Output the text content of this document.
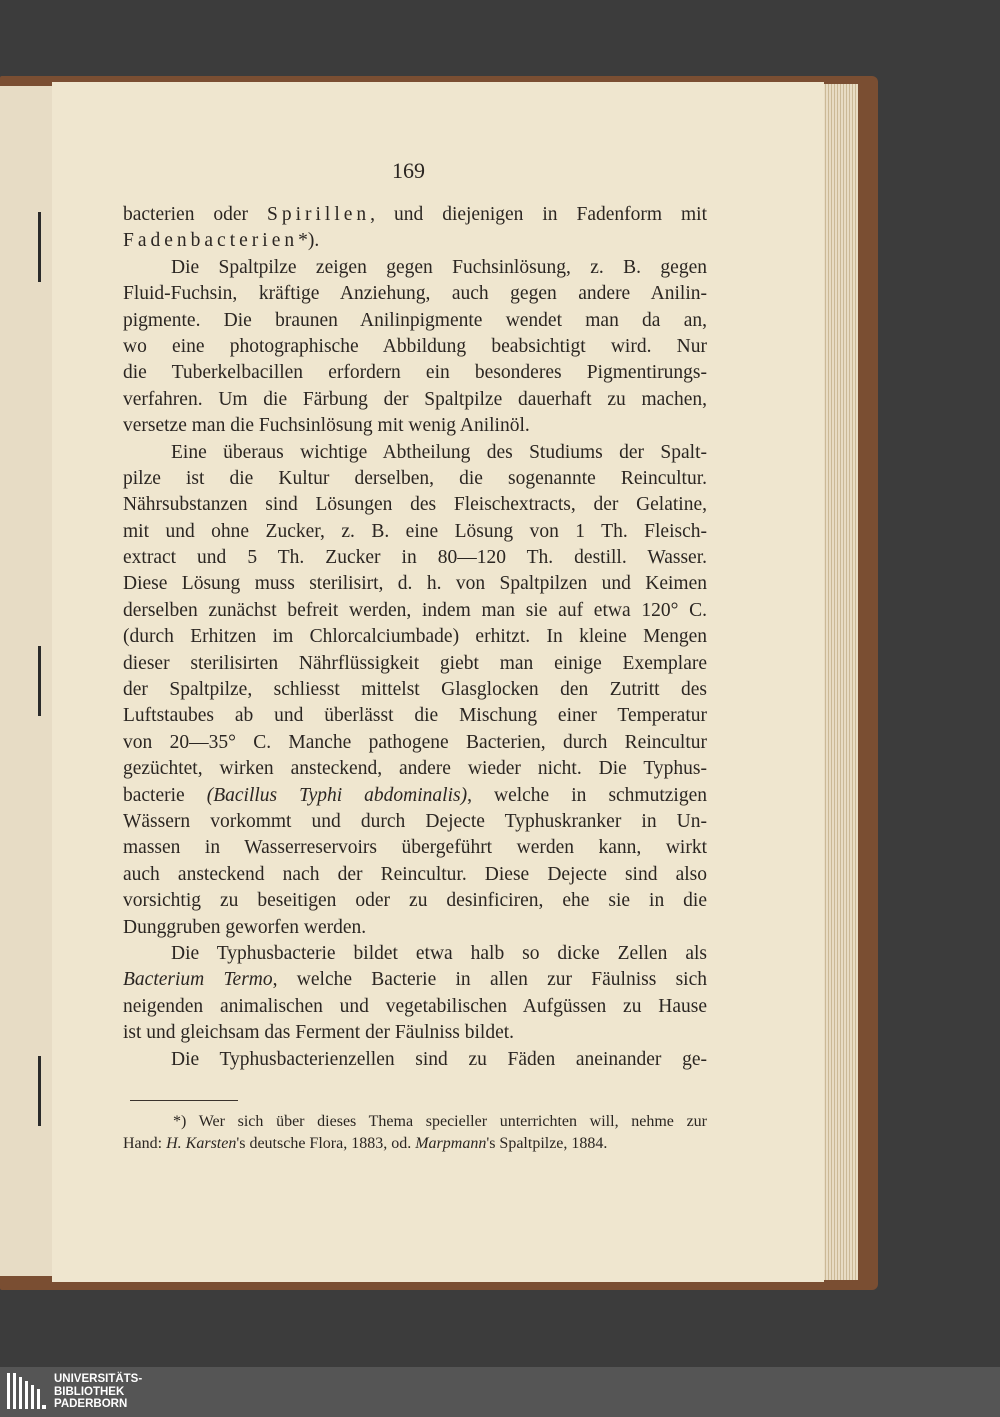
169
bacterien oder Spirillen, und diejenigen in Fadenform mit
Fadenbacterien*).
Die Spaltpilze zeigen gegen Fuchsinlösung, z. B. gegen
Fluid-Fuchsin, kräftige Anziehung, auch gegen andere Anilin-
pigmente. Die braunen Anilinpigmente wendet man da an,
wo eine photographische Abbildung beabsichtigt wird. Nur
die Tuberkelbacillen erfordern ein besonderes Pigmentirungs-
verfahren. Um die Färbung der Spaltpilze dauerhaft zu machen,
versetze man die Fuchsinlösung mit wenig Anilinöl.
Eine überaus wichtige Abtheilung des Studiums der Spalt-
pilze ist die Kultur derselben, die sogenannte Reincultur.
Nährsubstanzen sind Lösungen des Fleischextracts, der Gelatine,
mit und ohne Zucker, z. B. eine Lösung von 1 Th. Fleisch-
extract und 5 Th. Zucker in 80—120 Th. destill. Wasser.
Diese Lösung muss sterilisirt, d. h. von Spaltpilzen und Keimen
derselben zunächst befreit werden, indem man sie auf etwa 120° C.
(durch Erhitzen im Chlorcalciumbade) erhitzt. In kleine Mengen
dieser sterilisirten Nährflüssigkeit giebt man einige Exemplare
der Spaltpilze, schliesst mittelst Glasglocken den Zutritt des
Luftstaubes ab und überlässt die Mischung einer Temperatur
von 20—35° C. Manche pathogene Bacterien, durch Reincultur
gezüchtet, wirken ansteckend, andere wieder nicht. Die Typhus-
bacterie (Bacillus Typhi abdominalis), welche in schmutzigen
Wässern vorkommt und durch Dejecte Typhuskranker in Un-
massen in Wasserreservoirs übergeführt werden kann, wirkt
auch ansteckend nach der Reincultur. Diese Dejecte sind also
vorsichtig zu beseitigen oder zu desinficiren, ehe sie in die
Dunggruben geworfen werden.
Die Typhusbacterie bildet etwa halb so dicke Zellen als
Bacterium Termo, welche Bacterie in allen zur Fäulniss sich
neigenden animalischen und vegetabilischen Aufgüssen zu Hause
ist und gleichsam das Ferment der Fäulniss bildet.
Die Typhusbacterienzellen sind zu Fäden aneinander ge-
*) Wer sich über dieses Thema specieller unterrichten will, nehme zur
Hand: H. Karsten's deutsche Flora, 1883, od. Marpmann's Spaltpilze, 1884.
UNIVERSITÄTS-
BIBLIOTHEK
PADERBORN
